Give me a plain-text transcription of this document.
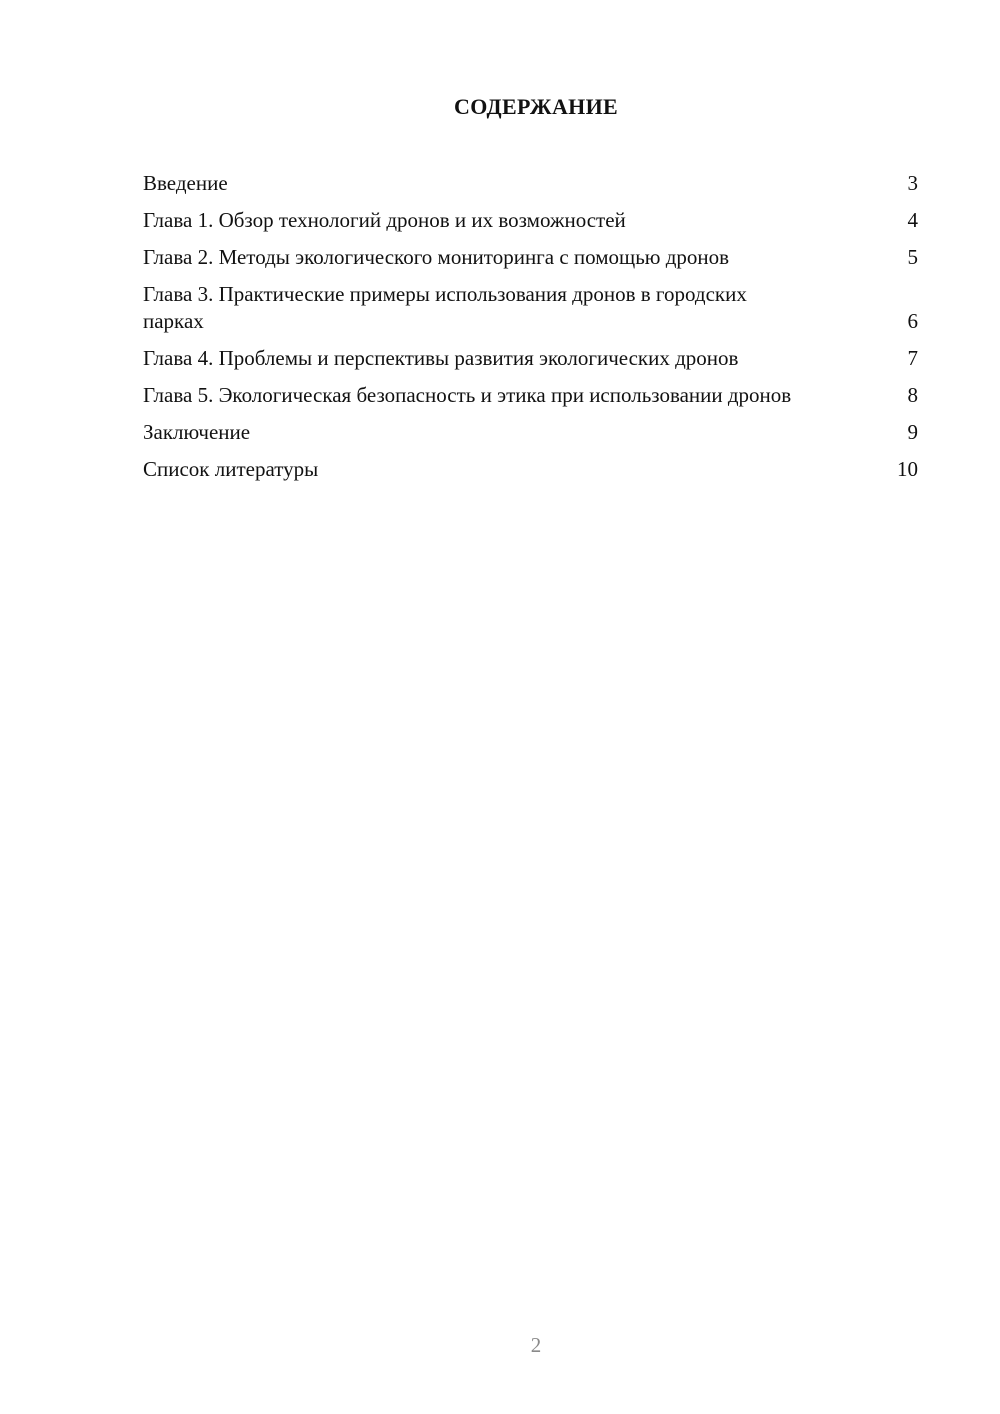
СОДЕРЖАНИЕ
Введение	3
Глава 1. Обзор технологий дронов и их возможностей	4
Глава 2. Методы экологического мониторинга с помощью дронов	5
Глава 3. Практические примеры использования дронов в городских парках	6
Глава 4. Проблемы и перспективы развития экологических дронов	7
Глава 5. Экологическая безопасность и этика при использовании дронов	8
Заключение	9
Список литературы	10
2
